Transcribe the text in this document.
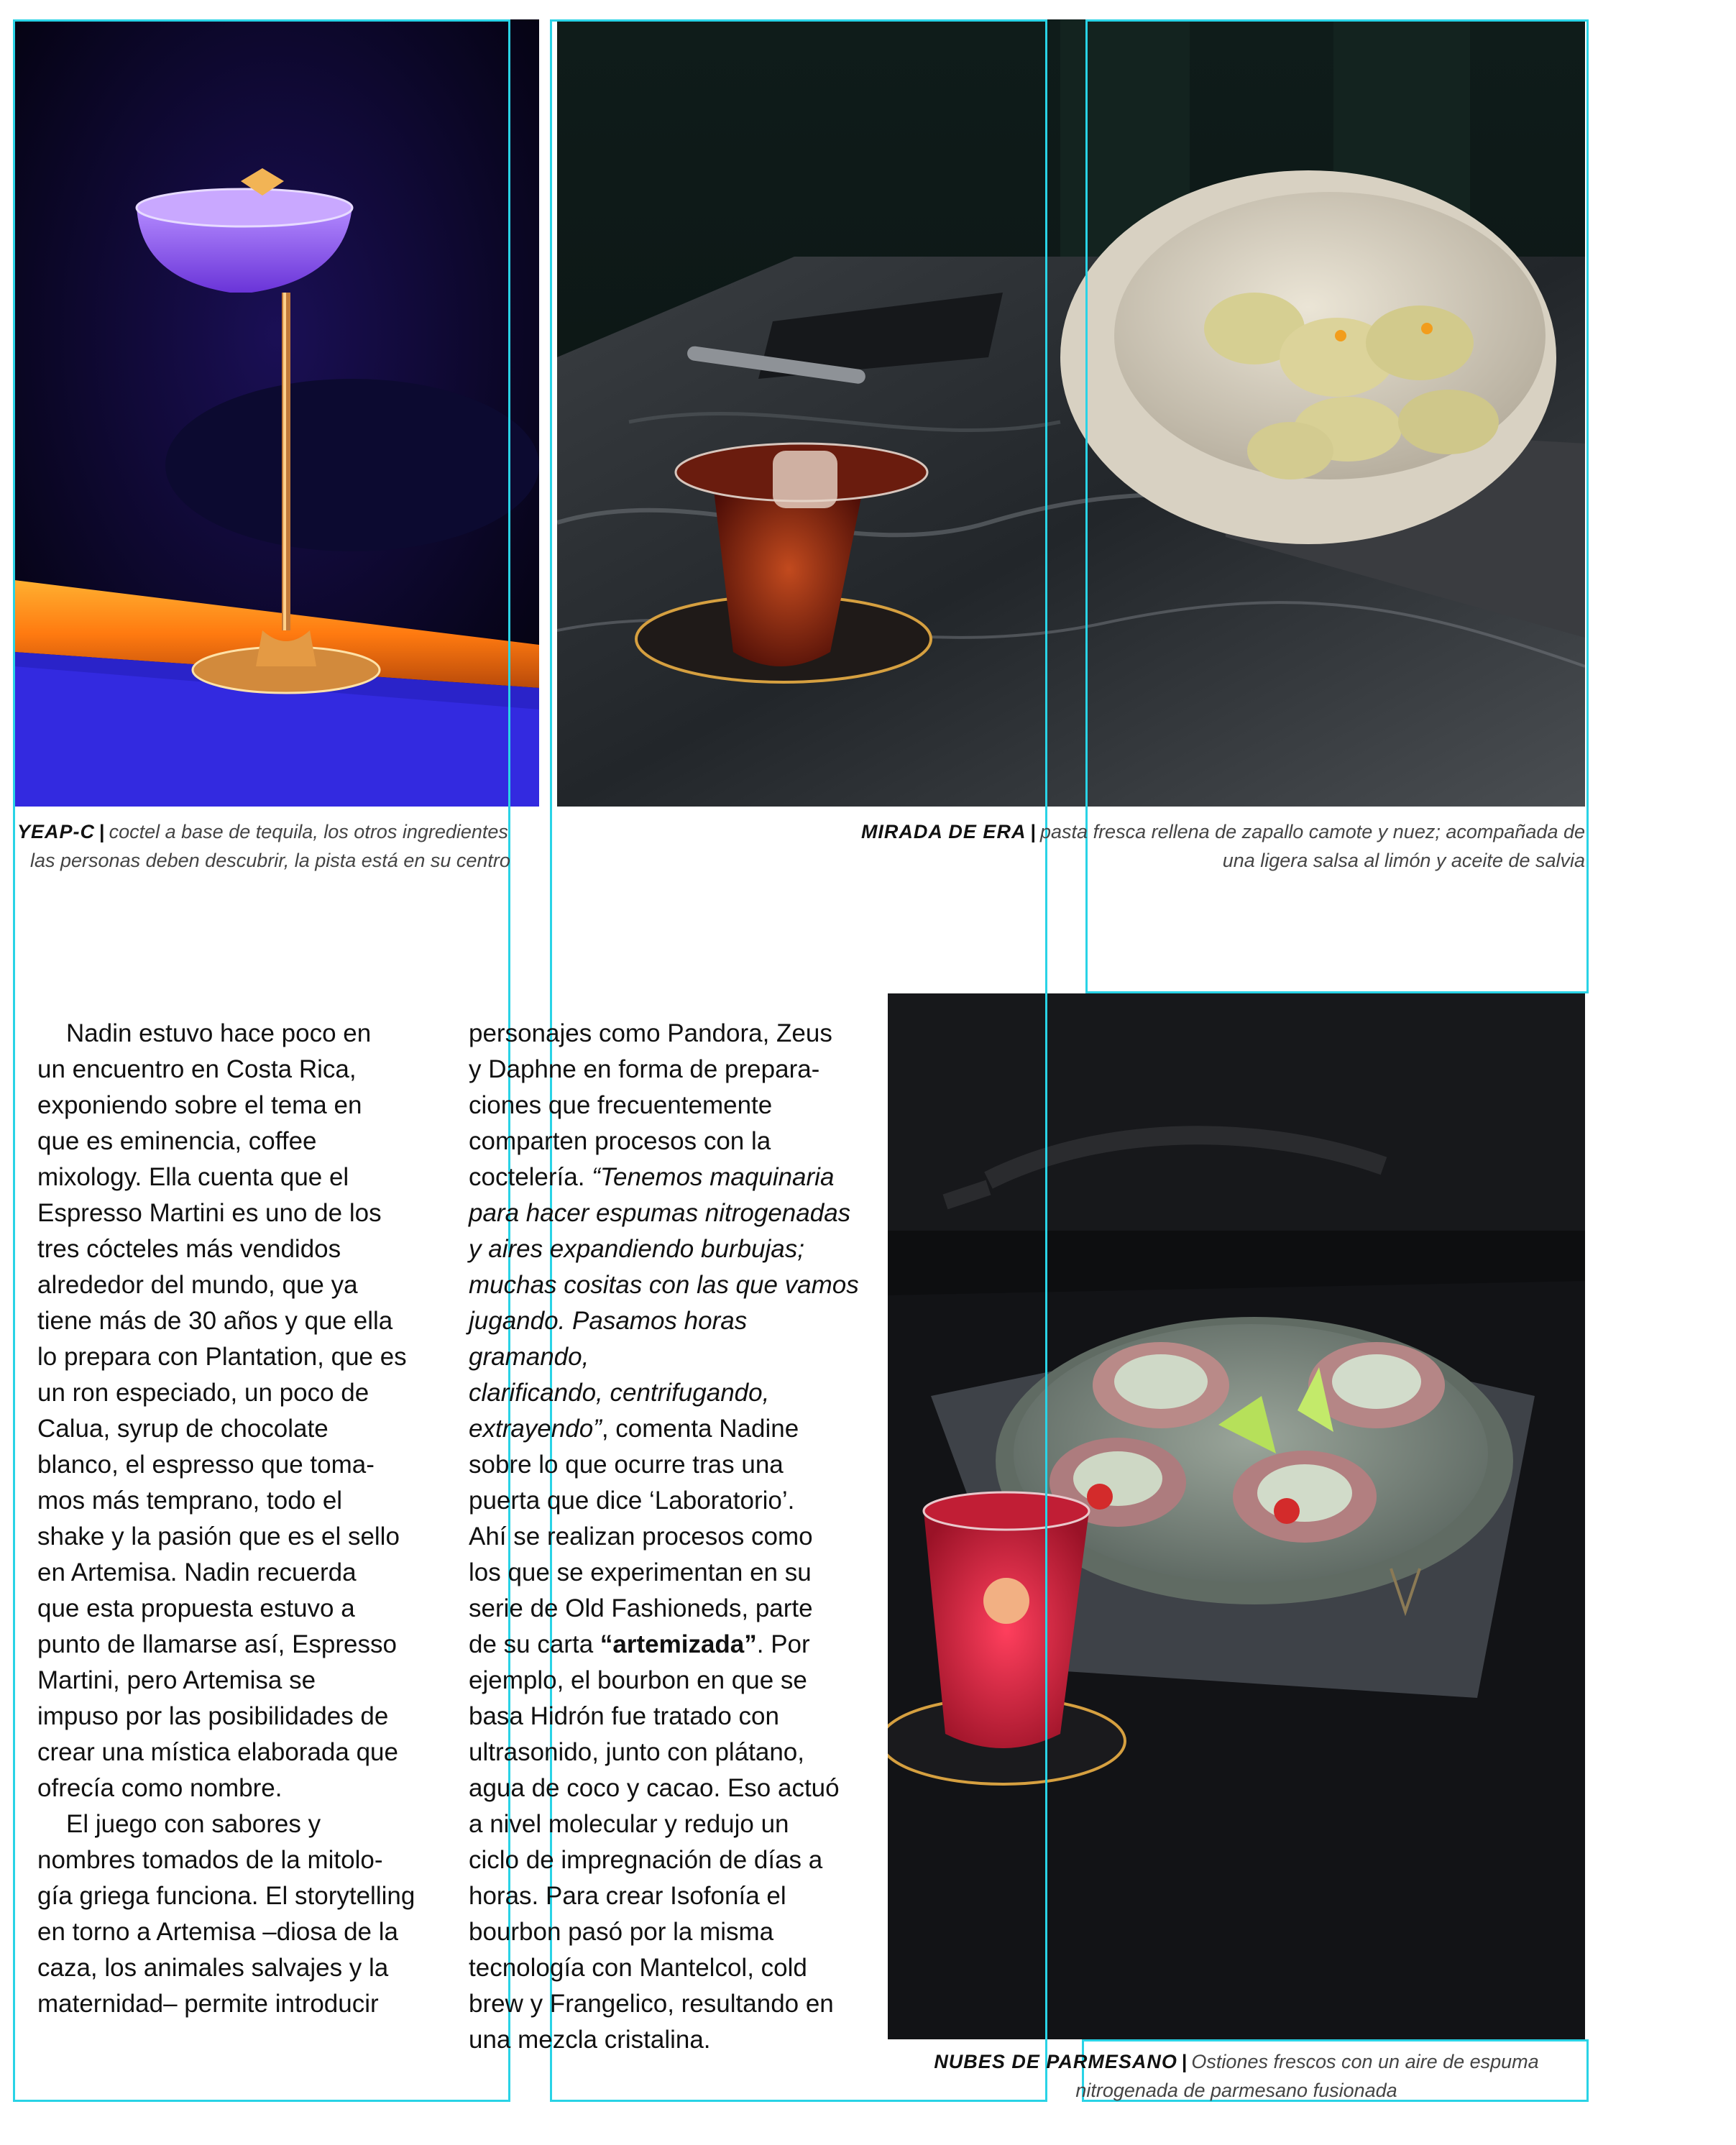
YEAP-C | coctel a base de tequila, los otros ingredientes
las personas deben descubrir, la pista está en su centro
MIRADA DE ERA | pasta fresca rellena de zapallo camote y nuez; acompañada de
una ligera salsa al limón y aceite de salvia
NUBES DE PARMESANO | Ostiones frescos con un aire de espuma
nitrogenada de parmesano fusionada

Nadin estuvo hace poco en

un encuentro en Costa Rica,

exponiendo sobre el tema en

que es eminencia, coffee

mixology. Ella cuenta que el

Espresso Martini es uno de los

tres cócteles más vendidos

alrededor del mundo, que ya

tiene más de 30 años y que ella

lo prepara con Plantation, que es

un ron especiado, un poco de

Calua, syrup de chocolate

blanco, el espresso que toma-

mos más temprano, todo el

shake y la pasión que es el sello

en Artemisa. Nadin recuerda

que esta propuesta estuvo a

punto de llamarse así, Espresso

Martini, pero Artemisa se

impuso por las posibilidades de

crear una mística elaborada que

ofrecía como nombre.

El juego con sabores y

nombres tomados de la mitolo-

gía griega funciona. El storytelling

en torno a Artemisa –diosa de la

caza, los animales salvajes y la

maternidad– permite introducir

personajes como Pandora, Zeus

y Daphne en forma de prepara-

ciones que frecuentemente

comparten procesos con la

coctelería. “Tenemos maquinaria

para hacer espumas nitrogenadas

y aires expandiendo burbujas;

muchas cositas con las que vamos

jugando. Pasamos horas gramando,

clarificando, centrifugando,

extrayendo”, comenta Nadine

sobre lo que ocurre tras una

puerta que dice ‘Laboratorio’.

Ahí se realizan procesos como

los que se experimentan en su

serie de Old Fashioneds, parte

de su carta “artemizada”. Por

ejemplo, el bourbon en que se

basa Hidrón fue tratado con

ultrasonido, junto con plátano,

agua de coco y cacao. Eso actuó

a nivel molecular y redujo un

ciclo de impregnación de días a

horas. Para crear Isofonía el

bourbon pasó por la misma

tecnología con Mantelcol, cold

brew y Frangelico, resultando en

una mezcla cristalina.
